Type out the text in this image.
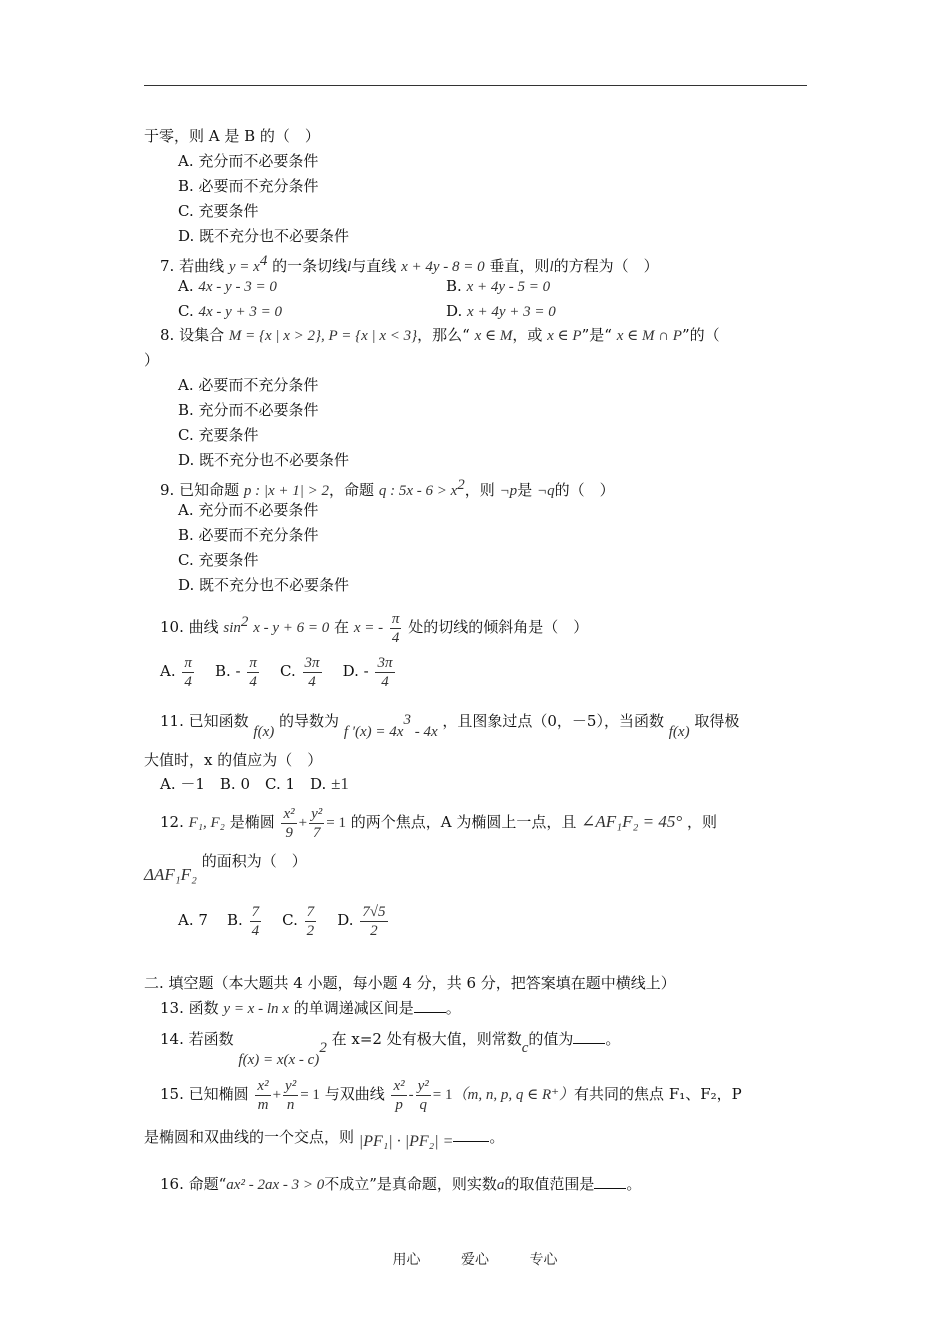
于零，则 A 是 B 的（　）
A. 充分而不必要条件
B. 必要而不充分条件
C. 充要条件
D. 既不充分也不必要条件
7. 若曲线 $y = x^4$ 的一条切线l与直线 x + 4y - 8 = 0 垂直，则l的方程为（　）
A. 4x - y - 3 = 0	B. x + 4y - 5 = 0
C. 4x - y + 3 = 0	D. x + 4y + 3 = 0
8. 设集合 M = {x | x > 2}, P = {x | x < 3}，那么“ x ∈ M，或 x ∈ P”是“ x ∈ M ∩ P”的（
）
A. 必要而不充分条件
B. 充分而不必要条件
C. 充要条件
D. 既不充分也不必要条件
9. 已知命题 p : |x + 1| > 2，命题 q : $5x - 6 > x^2$，则 ¬p是 ¬q的（　）
A. 充分而不必要条件
B. 必要而不充分条件
C. 充要条件
D. 既不充分也不必要条件
10. 曲线 $\sin^2 x - y + 6 = 0$ 在 x = - $\frac{\pi}{4}$ 处的切线的倾斜角是（　）
A. $\frac{\pi}{4} B$. - $\frac{\pi}{4} C$. $\frac{3\pi}{4} D$. - $\frac{3\pi}{4}$
11. 已知函数 f(x) 的导数为 f $'(x) = 4x^3 - 4x$ ，且图象过点（0，－5），当函数 f(x) 取得极
大值时，x 的值应为（　）
A. －1　B. 0　C. 1　D. ±1
12. F₁, F₂ 是椭圆 $\frac{\text{x²}}{9} + \frac{\text{y²}}{7} = 1$ 的两个焦点，A 为椭圆上一点，且 ∠AF₁F₂ = 45° ，则
ΔAF₁F₂ 的面积为（　）
A. 7 B. $\frac{7}{4} C$. $\frac{7}{2} D$. $\frac{7√5}{2}$
二. 填空题（本大题共 4 小题，每小题 4 分，共 6 分，把答案填在题中横线上）
13. 函数 y = x - ln x 的单调递减区间是 。
14. 若函数 f(x) = x(x - c)$^2$ 在 x=2 处有极大值，则常数c的值为 。
15. 已知椭圆 $\frac{\text{x²}}{m} + \frac{\text{y²}}{n} = 1$ 与双曲线 $\frac{\text{x²}}{p} - \frac{\text{y²}}{q} = 1(m$, n, p, q ∈ R⁺）有共同的焦点 F₁、F₂，P
是椭圆和双曲线的一个交点，则 |PF₁| · |PF₂| = 。
16. 命题“ax² - 2ax - 3 > 0不成立”是真命题，则实数a的取值范围是 。
用心	爱心	专心
